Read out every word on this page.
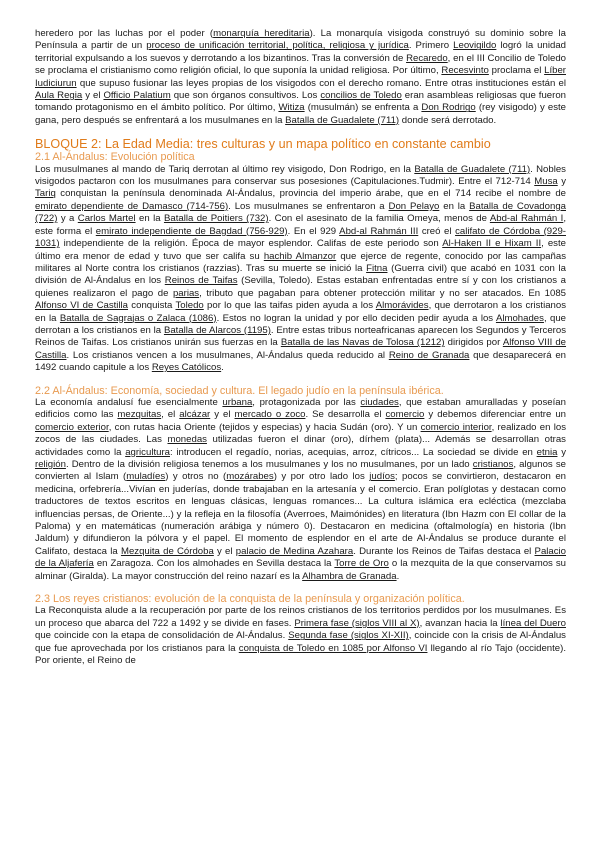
heredero por las luchas por el poder (monarquía hereditaria). La monarquía visigoda construyó su dominio sobre la Península a partir de un proceso de unificación territorial, política, religiosa y jurídica. Primero Leovigildo logró la unidad territorial expulsando a los suevos y derrotando a los bizantinos. Tras la conversión de Recaredo, en el III Concilio de Toledo se proclama el cristianismo como religión oficial, lo que suponía la unidad religiosa. Por último, Recesvinto proclama el Líber Iudiciurun que supuso fusionar las leyes propias de los visigodos con el derecho romano. Entre otras instituciones están el Aula Regia y el Officio Palatium que son órganos consultivos. Los concilios de Toledo eran asambleas religiosas que fueron tomando protagonismo en el ámbito político. Por último, Witiza (musulmán) se enfrenta a Don Rodrigo (rey visigodo) y este gana, pero después se enfrentará a los musulmanes en la Batalla de Guadalete (711) donde será derrotado.

BLOQUE 2: La Edad Media: tres culturas y un mapa político en constante cambio
2.1 Al-Ándalus: Evolución política

Los musulmanes al mando de Tariq derrotan al último rey visigodo, Don Rodrigo, en la Batalla de Guadalete (711). Nobles visigodos pactaron con los musulmanes para conservar sus posesiones (Capitulaciones.Tudmir). Entre el 712-714 Musa y Tariq conquistan la península denominada Al-Ándalus, provincia del imperio árabe, que en el 714 recibe el nombre de emirato dependiente de Damasco (714-756). Los musulmanes se enfrentaron a Don Pelayo en la Batalla de Covadonga (722) y a Carlos Martel en la Batalla de Poitiers (732). Con el asesinato de la familia Omeya, menos de Abd-al Rahmán I, este forma el emirato independiente de Bagdad (756-929). En el 929 Abd-al Rahmán III creó el califato de Córdoba (929-1031) independiente de la religión. Época de mayor esplendor. Califas de este periodo son Al-Haken II e Hixam II, este último era menor de edad y tuvo que ser califa su hachib Almanzor que ejerce de regente, conocido por las campañas militares al Norte contra los cristianos (razzias). Tras su muerte se inició la Fitna (Guerra civil) que acabó en 1031 con la división de Al-Ándalus en los Reinos de Taifas (Sevilla, Toledo). Estas estaban enfrentadas entre sí y con los cristianos a quienes realizaron el pago de parias, tributo que pagaban para obtener protección militar y no ser atacados. En 1085 Alfonso VI de Castilla conquista Toledo por lo que las taifas piden ayuda a los Almorávides, que derrotaron a los cristianos en la Batalla de Sagrajas o Zalaca (1086). Estos no logran la unidad y por ello deciden pedir ayuda a los Almohades, que derrotan a los cristianos en la Batalla de Alarcos (1195). Entre estas tribus norteafricanas aparecen los Segundos y Terceros Reinos de Taifas. Los cristianos unirán sus fuerzas en la Batalla de las Navas de Tolosa (1212) dirigidos por Alfonso VIII de Castilla. Los cristianos vencen a los musulmanes, Al-Ándalus queda reducido al Reino de Granada que desaparecerá en 1492 cuando capitule a los Reyes Católicos.

2.2 Al-Ándalus: Economía, sociedad y cultura. El legado judío en la península ibérica.

La economía andalusí fue esencialmente urbana, protagonizada por las ciudades, que estaban amuralladas y poseían edificios como las mezquitas, el alcázar y el mercado o zoco. Se desarrolla el comercio y debemos diferenciar entre un comercio exterior, con rutas hacia Oriente (tejidos y especias) y hacia Sudán (oro). Y un comercio interior, realizado en los zocos de las ciudades. Las monedas utilizadas fueron el dinar (oro), dírhem (plata)... Además se desarrollan otras actividades como la agricultura: introducen el regadío, norias, acequias, arroz, cítricos... La sociedad se divide en etnia y religión. Dentro de la división religiosa tenemos a los musulmanes y los no musulmanes, por un lado cristianos, algunos se convierten al Islam (muladíes) y otros no (mozárabes) y por otro lado los judíos; pocos se convirtieron, destacaron en medicina, orfebrería...Vivían en juderías, donde trabajaban en la artesanía y el comercio. Eran políglotas y destacan como traductores de textos escritos en lenguas clásicas, lenguas romances... La cultura islámica era ecléctica (mezclaba influencias persas, de Oriente...) y la refleja en la filosofía (Averroes, Maimónides) en literatura (Ibn Hazm con El collar de la Paloma) y en matemáticas (numeración arábiga y número 0). Destacaron en medicina (oftalmología) en historia (Ibn Jaldum) y difundieron la pólvora y el papel. El momento de esplendor en el arte de Al-Ándalus se produce durante el Califato, destaca la Mezquita de Córdoba y el palacio de Medina Azahara. Durante los Reinos de Taifas destaca el Palacio de la Aljafería en Zaragoza. Con los almohades en Sevilla destaca la Torre de Oro o la mezquita de la que conservamos su alminar (Giralda). La mayor construcción del reino nazarí es la Alhambra de Granada.

2.3 Los reyes cristianos: evolución de la conquista de la península y organización política.

La Reconquista alude a la recuperación por parte de los reinos cristianos de los territorios perdidos por los musulmanes. Es un proceso que abarca del 722 a 1492 y se divide en fases. Primera fase (siglos VIII al X), avanzan hacia la línea del Duero que coincide con la etapa de consolidación de Al-Ándalus. Segunda fase (siglos XI-XII), coincide con la crisis de Al-Ándalus que fue aprovechada por los cristianos para la conquista de Toledo en 1085 por Alfonso VI llegando al río Tajo (occidente). Por oriente, el Reino de
